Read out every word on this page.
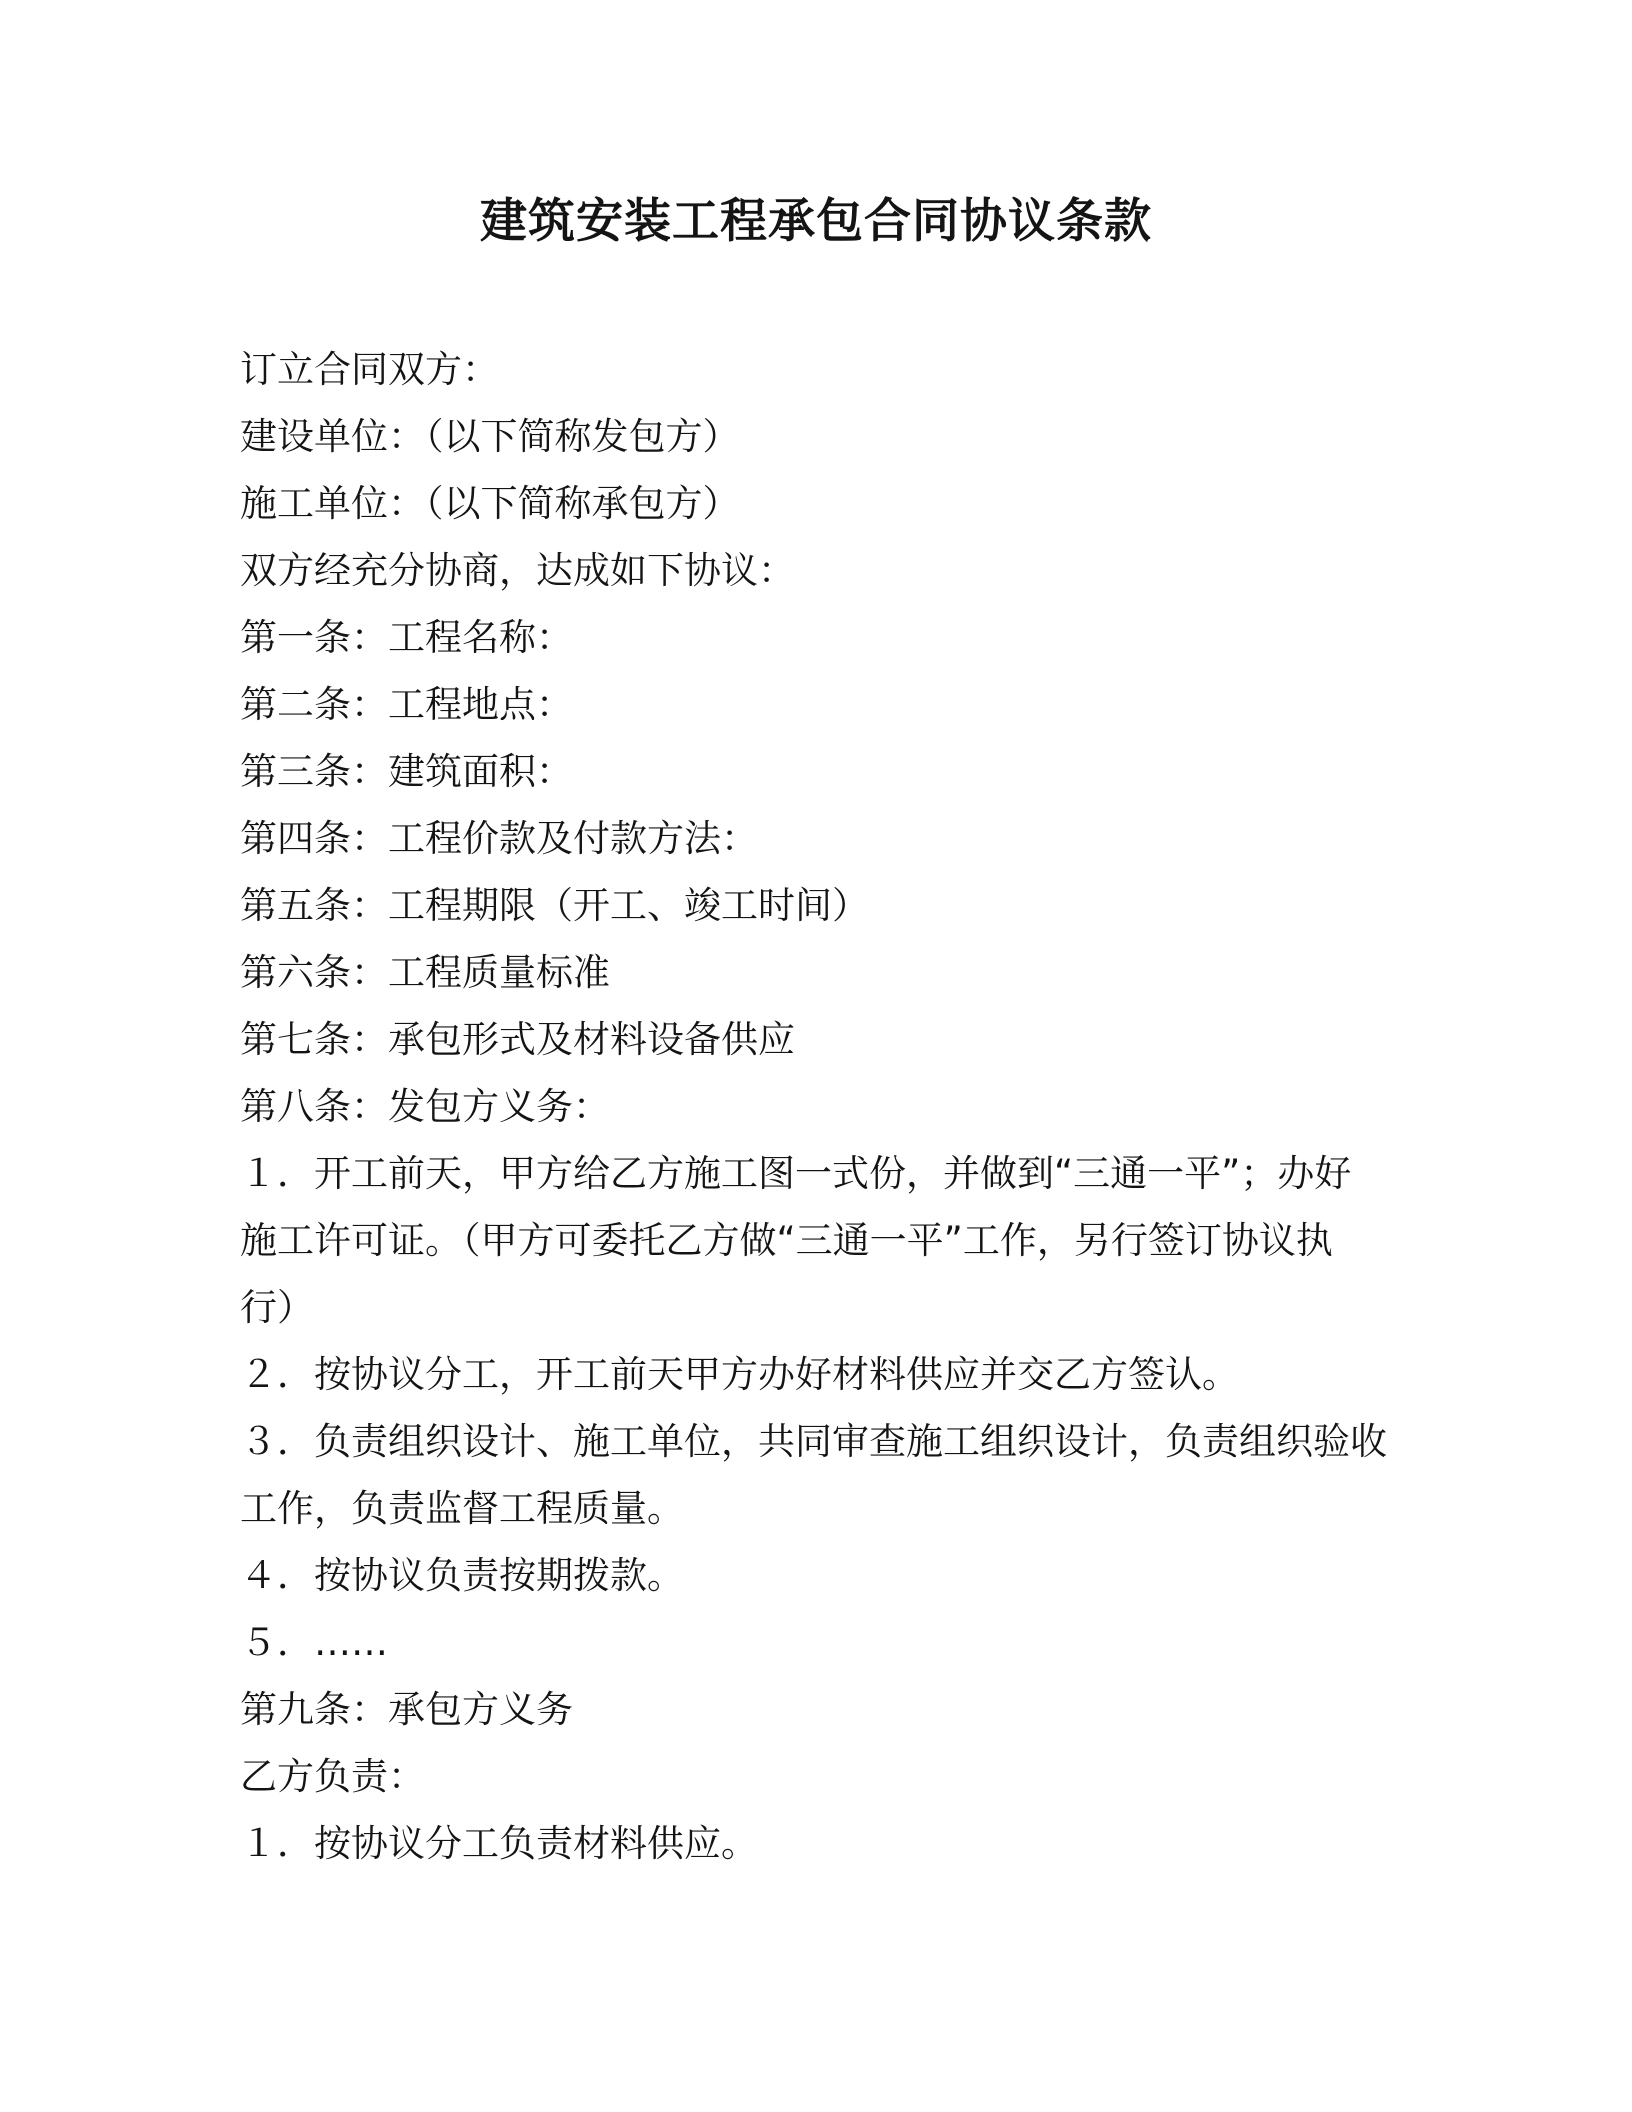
建筑安装工程承包合同协议条款

订立合同双方：

建设单位：（以下简称发包方）

施工单位：（以下简称承包方）

双方经充分协商，达成如下协议：

第一条：工程名称：

第二条：工程地点：

第三条：建筑面积：

第四条：工程价款及付款方法：

第五条：工程期限（开工、竣工时间）

第六条：工程质量标准

第七条：承包形式及材料设备供应

第八条：发包方义务：

１．开工前天，甲方给乙方施工图一式份，并做到“三通一平”；办好

施工许可证。（甲方可委托乙方做“三通一平”工作，另行签订协议执

行）

２．按协议分工，开工前天甲方办好材料供应并交乙方签认。

３．负责组织设计、施工单位，共同审查施工组织设计，负责组织验收

工作，负责监督工程质量。

４．按协议负责按期拨款。

５．……

第九条：承包方义务

乙方负责：

１．按协议分工负责材料供应。
